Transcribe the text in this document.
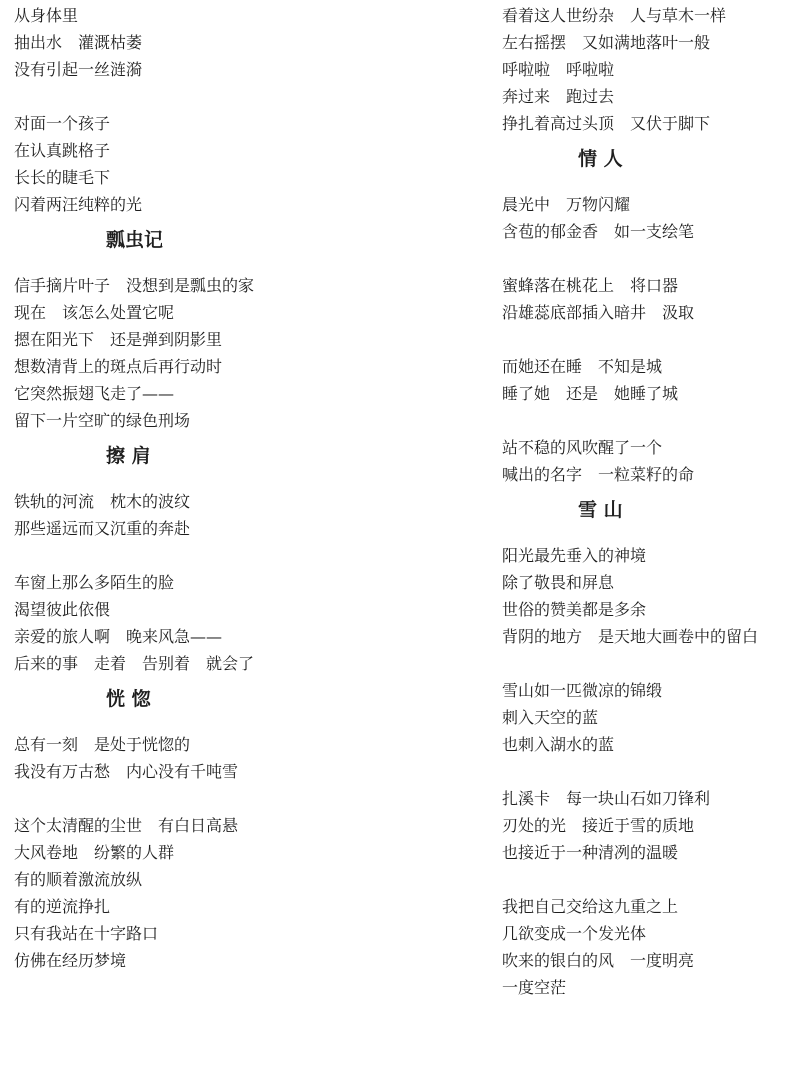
从身体里
抽出水　灌溉枯萎
没有引起一丝涟漪
对面一个孩子
在认真跳格子
长长的睫毛下
闪着两汪纯粹的光
瓢虫记
信手摘片叶子　没想到是瓢虫的家
现在　该怎么处置它呢
摁在阳光下　还是弹到阴影里
想数清背上的斑点后再行动时
它突然振翅飞走了——
留下一片空旷的绿色刑场
擦 肩
铁轨的河流　枕木的波纹
那些遥远而又沉重的奔赴
车窗上那么多陌生的脸
渴望彼此依偎
亲爱的旅人啊　晚来风急——
后来的事　走着　告别着　就会了
恍 惚
总有一刻　是处于恍惚的
我没有万古愁　内心没有千吨雪
这个太清醒的尘世　有白日高悬
大风卷地　纷繁的人群
有的顺着激流放纵
有的逆流挣扎
只有我站在十字路口
仿佛在经历梦境
看着这人世纷杂　人与草木一样
左右摇摆　又如满地落叶一般
呼啦啦　呼啦啦
奔过来　跑过去
挣扎着高过头顶　又伏于脚下
情 人
晨光中　万物闪耀
含苞的郁金香　如一支绘笔
蜜蜂落在桃花上　将口器
沿雄蕊底部插入暗井　汲取
而她还在睡　不知是城
睡了她　还是　她睡了城
站不稳的风吹醒了一个
喊出的名字　一粒菜籽的命
雪 山
阳光最先垂入的神境
除了敬畏和屏息
世俗的赞美都是多余
背阴的地方　是天地大画卷中的留白
雪山如一匹微凉的锦缎
刺入天空的蓝
也刺入湖水的蓝
扎溪卡　每一块山石如刀锋利
刃处的光　接近于雪的质地
也接近于一种清冽的温暖
我把自己交给这九重之上
几欲变成一个发光体
吹来的银白的风　一度明亮
一度空茫
